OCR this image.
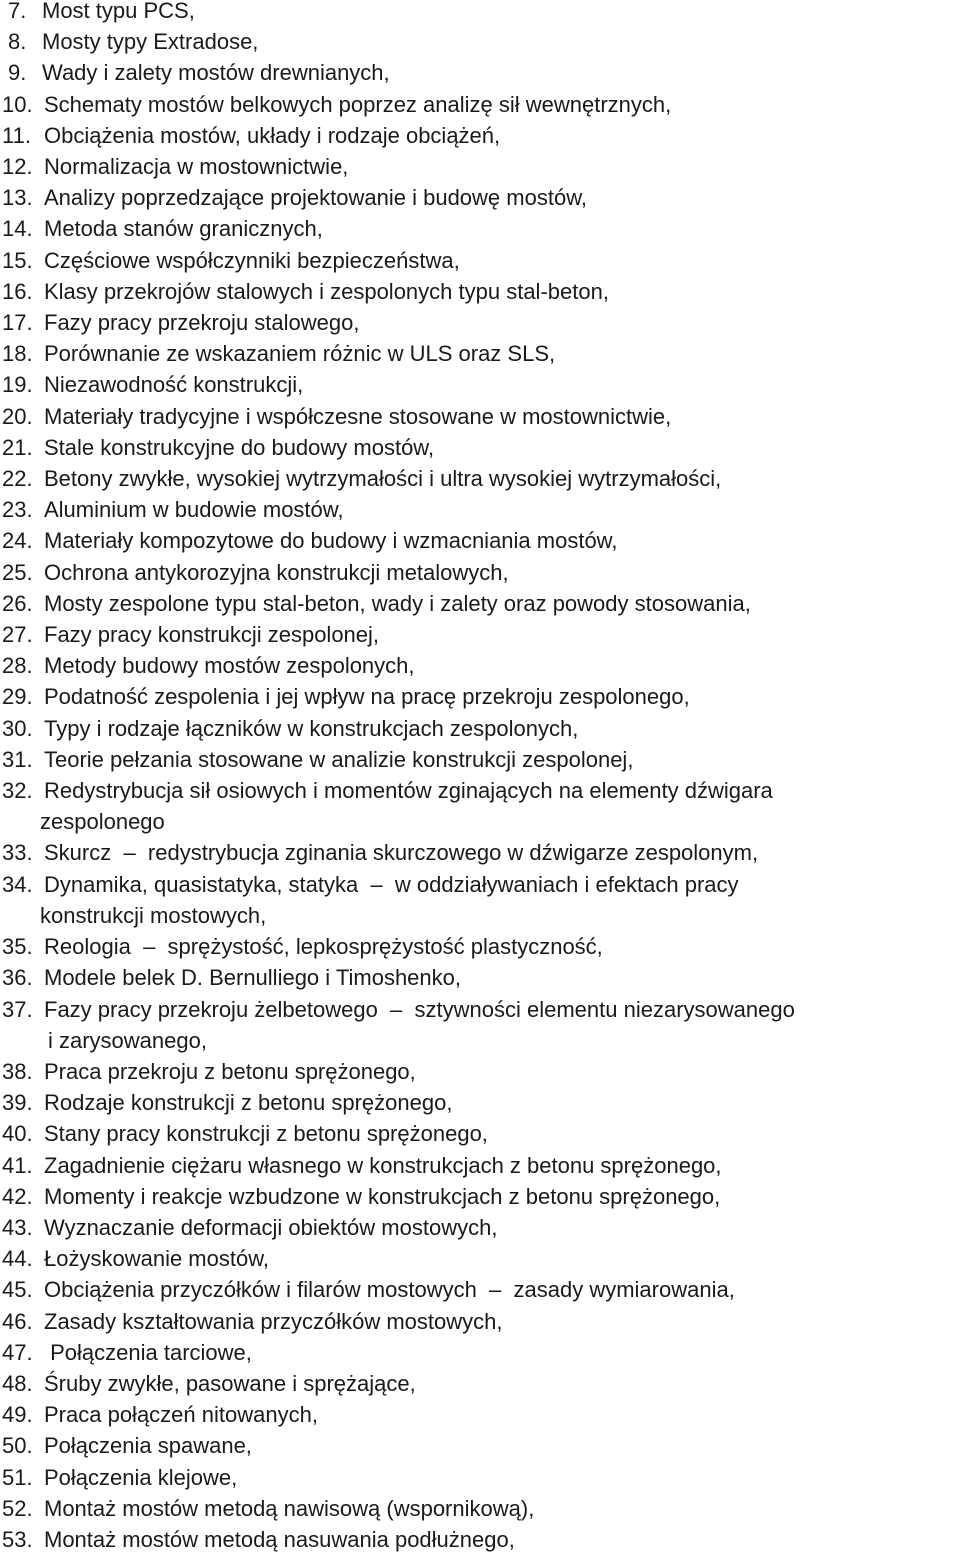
7. Most typu PCS,
8. Mosty typy Extradose,
9. Wady i zalety mostów drewnianych,
10. Schematy mostów belkowych poprzez analizę sił wewnętrznych,
11. Obciążenia mostów, układy i rodzaje obciążeń,
12. Normalizacja w mostownictwie,
13. Analizy poprzedzające projektowanie i budowę mostów,
14. Metoda stanów granicznych,
15. Częściowe współczynniki bezpieczeństwa,
16. Klasy przekrojów stalowych i zespolonych typu stal-beton,
17. Fazy pracy przekroju stalowego,
18. Porównanie ze wskazaniem różnic w ULS oraz SLS,
19. Niezawodność konstrukcji,
20. Materiały tradycyjne i współczesne stosowane w mostownictwie,
21. Stale konstrukcyjne do budowy mostów,
22. Betony zwykłe, wysokiej wytrzymałości i ultra wysokiej wytrzymałości,
23. Aluminium w budowie mostów,
24. Materiały kompozytowe do budowy i wzmacniania mostów,
25. Ochrona antykorozyjna konstrukcji metalowych,
26. Mosty zespolone typu stal-beton, wady i zalety oraz powody stosowania,
27. Fazy pracy konstrukcji zespolonej,
28. Metody budowy mostów zespolonych,
29. Podatność zespolenia i jej wpływ na pracę przekroju zespolonego,
30. Typy i rodzaje łączników w konstrukcjach zespolonych,
31. Teorie pełzania stosowane w analizie konstrukcji zespolonej,
32. Redystrybucja sił osiowych i momentów zginających na elementy dźwigara
zespolonego
33. Skurcz  –  redystrybucja zginania skurczowego w dźwigarze zespolonym,
34. Dynamika, quasistatyka, statyka  –  w oddziaływaniach i efektach pracy
konstrukcji mostowych,
35. Reologia  –  sprężystość, lepkosprężystość plastyczność,
36. Modele belek D. Bernulliego i Timoshenko,
37. Fazy pracy przekroju żelbetowego  –  sztywności elementu niezarysowanego
i zarysowanego,
38. Praca przekroju z betonu sprężonego,
39. Rodzaje konstrukcji z betonu sprężonego,
40. Stany pracy konstrukcji z betonu sprężonego,
41. Zagadnienie ciężaru własnego w konstrukcjach z betonu sprężonego,
42. Momenty i reakcje wzbudzone w konstrukcjach z betonu sprężonego,
43. Wyznaczanie deformacji obiektów mostowych,
44. Łożyskowanie mostów,
45. Obciążenia przyczółków i filarów mostowych  –  zasady wymiarowania,
46. Zasady kształtowania przyczółków mostowych,
47. Połączenia tarciowe,
48. Śruby zwykłe, pasowane i sprężające,
49. Praca połączeń nitowanych,
50. Połączenia spawane,
51. Połączenia klejowe,
52. Montaż mostów metodą nawisową (wspornikową),
53. Montaż mostów metodą nasuwania podłużnego,
